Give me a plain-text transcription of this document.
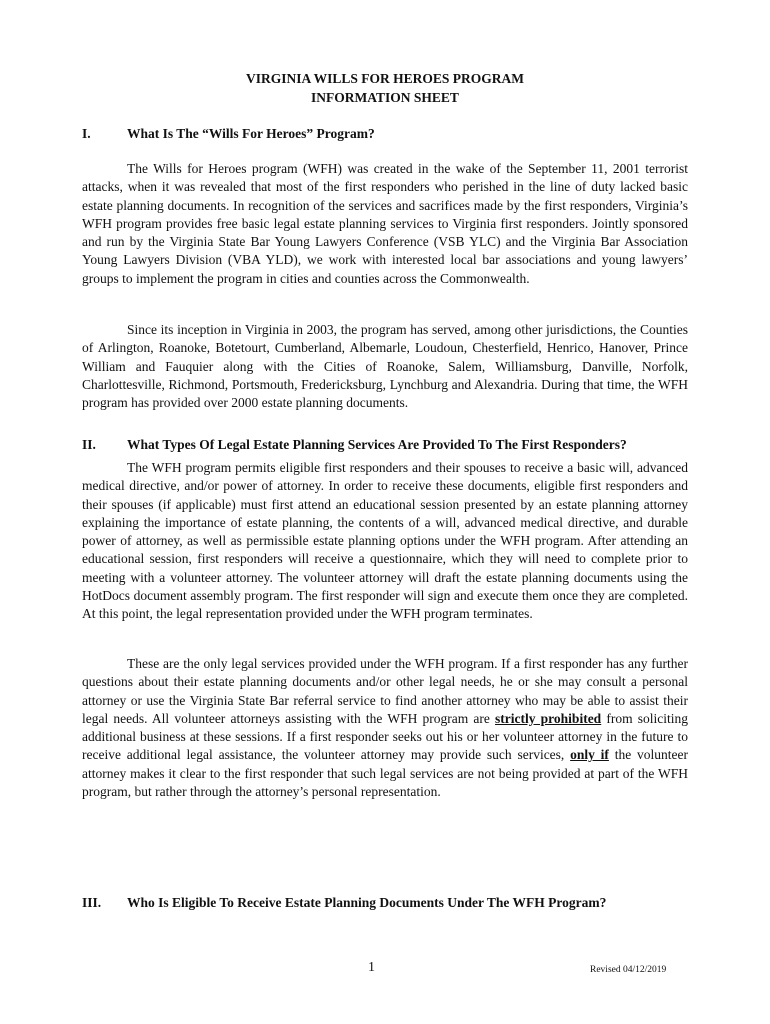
VIRGINIA WILLS FOR HEROES PROGRAM
INFORMATION SHEET
I.	What Is The “Wills For Heroes” Program?
The Wills for Heroes program (WFH) was created in the wake of the September 11, 2001 terrorist attacks, when it was revealed that most of the first responders who perished in the line of duty lacked basic estate planning documents. In recognition of the services and sacrifices made by the first responders, Virginia’s WFH program provides free basic legal estate planning services to Virginia first responders. Jointly sponsored and run by the Virginia State Bar Young Lawyers Conference (VSB YLC) and the Virginia Bar Association Young Lawyers Division (VBA YLD), we work with interested local bar associations and young lawyers’ groups to implement the program in cities and counties across the Commonwealth.
Since its inception in Virginia in 2003, the program has served, among other jurisdictions, the Counties of Arlington, Roanoke, Botetourt, Cumberland, Albemarle, Loudoun, Chesterfield, Henrico, Hanover, Prince William and Fauquier along with the Cities of Roanoke, Salem, Williamsburg, Danville, Norfolk, Charlottesville, Richmond, Portsmouth, Fredericksburg, Lynchburg and Alexandria. During that time, the WFH program has provided over 2000 estate planning documents.
II. What Types Of Legal Estate Planning Services Are Provided To The First Responders?
The WFH program permits eligible first responders and their spouses to receive a basic will, advanced medical directive, and/or power of attorney. In order to receive these documents, eligible first responders and their spouses (if applicable) must first attend an educational session presented by an estate planning attorney explaining the importance of estate planning, the contents of a will, advanced medical directive, and durable power of attorney, as well as permissible estate planning options under the WFH program. After attending an educational session, first responders will receive a questionnaire, which they will need to complete prior to meeting with a volunteer attorney. The volunteer attorney will draft the estate planning documents using the HotDocs document assembly program. The first responder will sign and execute them once they are completed. At this point, the legal representation provided under the WFH program terminates.
These are the only legal services provided under the WFH program. If a first responder has any further questions about their estate planning documents and/or other legal needs, he or she may consult a personal attorney or use the Virginia State Bar referral service to find another attorney who may be able to assist their legal needs. All volunteer attorneys assisting with the WFH program are strictly prohibited from soliciting additional business at these sessions. If a first responder seeks out his or her volunteer attorney in the future to receive additional legal assistance, the volunteer attorney may provide such services, only if the volunteer attorney makes it clear to the first responder that such legal services are not being provided at part of the WFH program, but rather through the attorney’s personal representation.
III. Who Is Eligible To Receive Estate Planning Documents Under The WFH Program?
1	Revised 04/12/2019
